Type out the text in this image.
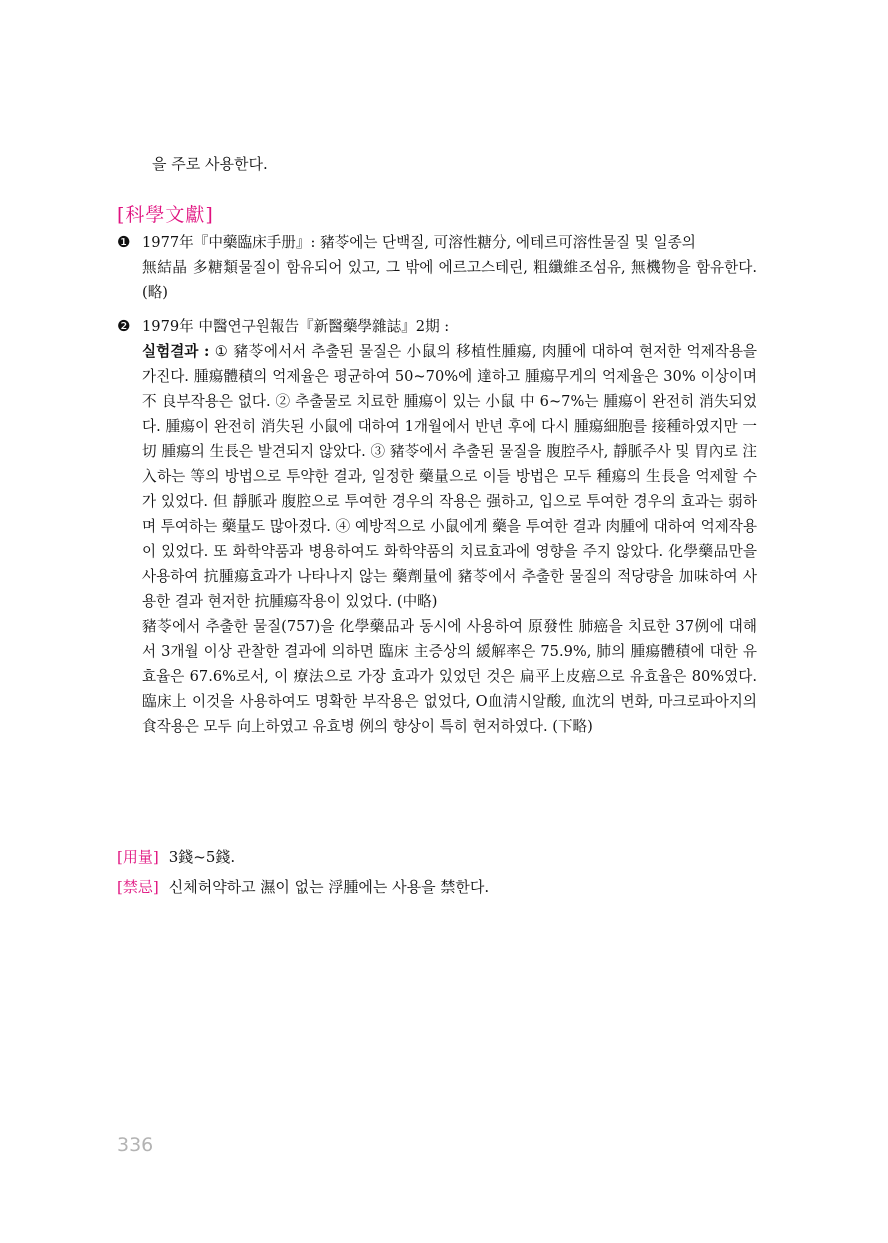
을 주로 사용한다.
[科學文獻]
❶ 1977年『中藥臨床手册』: 豬苓에는 단백질, 可溶性糖分, 에테르可溶性물질 및 일종의
無結晶 多糖類물질이 함유되어 있고, 그 밖에 에르고스테린, 粗纖維조섬유, 無機物을 함유한다. (略)
❷ 1979年 中醫연구원報告『新醫藥學雜誌』2期 :
실험결과 : ① 豬苓에서서 추출된 물질은 小鼠의 移植性腫瘍, 肉腫에 대하여 현저한 억제작용을 가진다. 腫瘍體積의 억제율은 평균하여 50~70%에 達하고 腫瘍무게의 억제율은 30% 이상이며 不 良부작용은 없다. ② 추출물로 치료한 腫瘍이 있는 小鼠 中 6~7%는 腫瘍이 완전히 消失되었다. 腫瘍이 완전히 消失된 小鼠에 대하여 1개월에서 반년 후에 다시 腫瘍細胞를 接種하였지만 一切 腫瘍의 生長은 발견되지 않았다. ③ 豬苓에서 추출된 물질을 腹腔주사, 靜脈주사 및 胃內로 注入하는 等의 방법으로 투약한 결과, 일정한 藥量으로 이들 방법은 모두 種瘍의 生長을 억제할 수가 있었다. 但 靜脈과 腹腔으로 투여한 경우의 작용은 强하고, 입으로 투여한 경우의 효과는 弱하며 투여하는 藥量도 많아졌다. ④ 예방적으로 小鼠에게 藥을 투여한 결과 肉腫에 대하여 억제작용이 있었다. 또 화학약품과 병용하여도 화학약품의 치료효과에 영향을 주지 않았다. 化學藥品만을 사용하여 抗腫瘍효과가 나타나지 않는 藥劑量에 豬苓에서 추출한 물질의 적당량을 加味하여 사용한 결과 현저한 抗腫瘍작용이 있었다. (中略)
豬苓에서 추출한 물질(757)을 化學藥品과 동시에 사용하여 原發性 肺癌을 치료한 37例에 대해서 3개월 이상 관찰한 결과에 의하면 臨床 主증상의 緩解率은 75.9%, 肺의 腫瘍體積에 대한 유효율은 67.6%로서, 이 療法으로 가장 효과가 있었던 것은 扁平上皮癌으로 유효율은 80%였다. 臨床上 이것을 사용하여도 명확한 부작용은 없었다, O血淸시알酸, 血沈의 변화, 마크로파아지의 食작용은 모두 向上하였고 유효병 例의 향상이 특히 현저하였다. (下略)
[用量] 3錢~5錢.
[禁忌] 신체허약하고 濕이 없는 浮腫에는 사용을 禁한다.
336
